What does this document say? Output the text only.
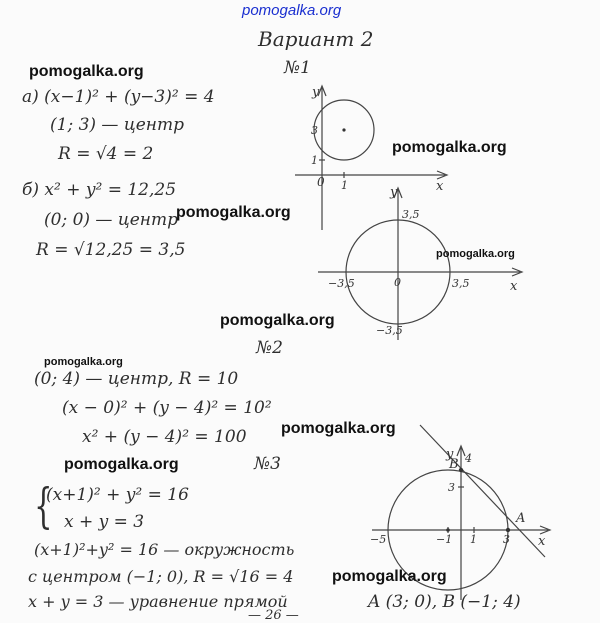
pomogalka.org
Вариант 2
№1
а) (x−1)² + (y−3)² = 4
(1; 3) — центр
R = √4 = 2
б) x² + y² = 12,25
(0; 0) — центр
R = √12,25 = 3,5
№2
(0; 4) — центр, R = 10
(x − 0)² + (y − 4)² = 10²
x² + (y − 4)² = 100
№3
{
(x+1)² + y² = 16
x + y = 3
(x+1)²+y² = 16 — окружность
с центром (−1; 0), R = √16 = 4
x + y = 3 — уравнение прямой
— 26 —
y
x
0 1
1
3
y
x
0
−3,5	3,5
3,5
−3,5
y
x
B
A
4
3
−5	−1 1 3
A (3; 0), B (−1; 4)
pomogalka.org
pomogalka.org
pomogalka.org
pomogalka.org
pomogalka.org
pomogalka.org
pomogalka.org
pomogalka.org
pomogalka.org
